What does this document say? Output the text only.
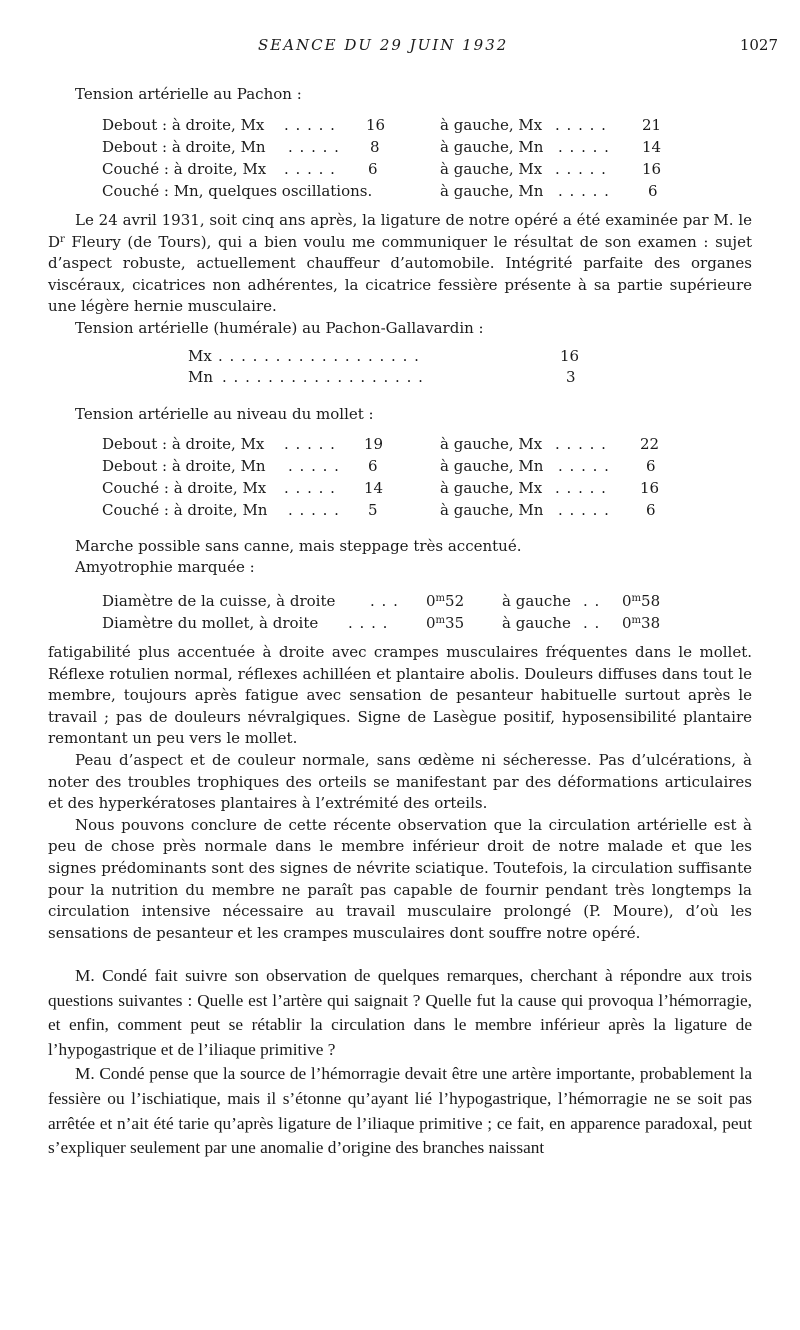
SEANCE DU 29 JUIN 1932	1027
Tension artérielle au Pachon :
Debout : à droite, Mx . . . . . 16	à gauche, Mx . . . . . 21
Debout : à droite, Mn . . . . . 8	à gauche, Mn . . . . . 14
Couché : à droite, Mx . . . . . 6	à gauche, Mx . . . . . 16
Couché : Mn, quelques oscillations.	à gauche, Mn . . . . .	6

Le 24 avril 1931, soit cinq ans après, la ligature de notre opéré a été examinée par M. le $D^r$ Fleury (de Tours), qui a bien voulu me communiquer le résultat de son examen : sujet d’aspect robuste, actuellement chauffeur d’automobile. Intégrité parfaite des organes viscéraux, cicatrices non adhérentes, la cicatrice fessière présente à sa partie supérieure une légère hernie musculaire.

Tension artérielle (humérale) au Pachon-Gallavardin :
Mx . . . . . . . . . . . . . . . . . .	16
Mn . . . . . . . . . . . . . . . . . .	3
Tension artérielle au niveau du mollet :
Debout : à droite, Mx . . . . . 19	à gauche, Mx . . . . . 22
Debout : à droite, Mn . . . . . 6	à gauche, Mn . . . . . 6
Couché : à droite, Mx . . . . . 14	à gauche, Mx . . . . . 16
Couché : à droite, Mn . . . . . 5	à gauche, Mn . . . . . 6
Marche possible sans canne, mais steppage très accentué.
Amyotrophie marquée :
Diamètre de la cuisse, à droite . . . 0$^m$52	à gauche . . 0$^m$58
Diamètre du mollet, à droite . . . .	0$^m$35	à gauche . . 0$^m$38

fatigabilité plus accentuée à droite avec crampes musculaires fréquentes dans le mollet. Réflexe rotulien normal, réflexes achilléen et plantaire abolis. Douleurs diffuses dans tout le membre, toujours après fatigue avec sensation de pesanteur habituelle surtout après le travail ; pas de douleurs névralgiques. Signe de Lasègue positif, hyposensibilité plantaire remontant un peu vers le mollet.

Peau d’aspect et de couleur normale, sans œdème ni sécheresse. Pas d’ulcérations, à noter des troubles trophiques des orteils se manifestant par des déformations articulaires et des hyperkératoses plantaires à l’extrémité des orteils.

Nous pouvons conclure de cette récente observation que la circulation artérielle est à peu de chose près normale dans le membre inférieur droit de notre malade et que les signes prédominants sont des signes de névrite sciatique. Toutefois, la circulation suffisante pour la nutrition du membre ne paraît pas capable de fournir pendant très longtemps la circulation intensive nécessaire au travail musculaire prolongé (P. Moure), d’où les sensations de pesanteur et les crampes musculaires dont souffre notre opéré.

M. Condé fait suivre son observation de quelques remarques, cherchant à répondre aux trois questions suivantes : Quelle est l’artère qui saignait ? Quelle fut la cause qui provoqua l’hémorragie, et enfin, comment peut se rétablir la circulation dans le membre inférieur après la ligature de l’hypogastrique et de l’iliaque primitive ?

M. Condé pense que la source de l’hémorragie devait être une artère importante, probablement la fessière ou l’ischiatique, mais il s’étonne qu’ayant lié l’hypogastrique, l’hémorragie ne se soit pas arrêtée et n’ait été tarie qu’après ligature de l’iliaque primitive ; ce fait, en apparence paradoxal, peut s’expliquer seulement par une anomalie d’origine des branches naissant
